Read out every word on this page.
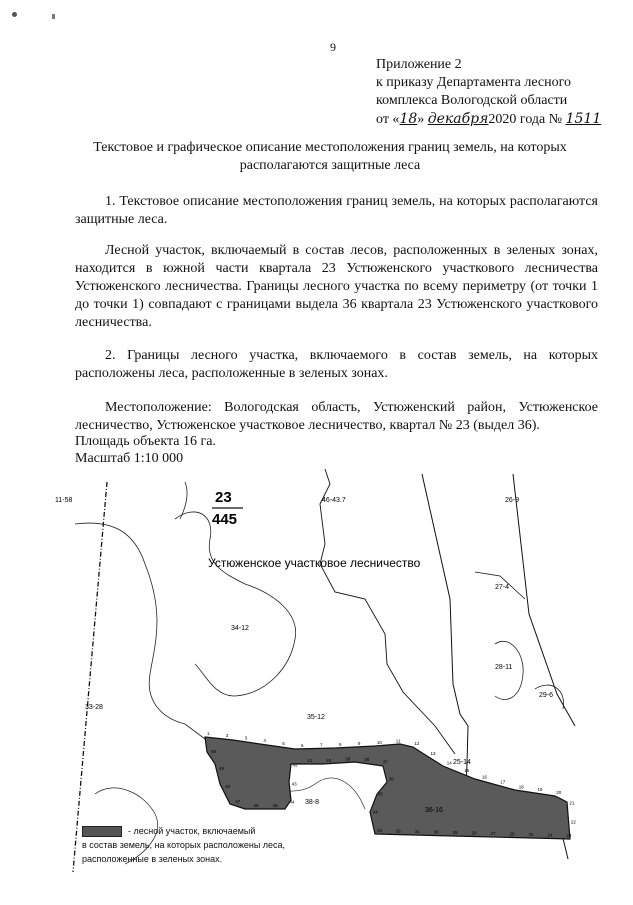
9
Приложение 2
к приказу Департамента лесного
комплекса Вологодской области
от «18» декабря2020 года № 1511
Текстовое и графическое описание местоположения границ земель, на которых располагаются защитные леса
1. Текстовое описание местоположения границ земель, на которых располагаются защитные леса.
Лесной участок, включаемый в состав лесов, расположенных в зеленых зонах, находится в южной части квартала 23 Устюженского участкового лесничества Устюженского лесничества. Границы лесного участка по всему периметру (от точки 1 до точки 1) совпадают с границами выдела 36 квартала 23 Устюженского участкового лесничества.
2. Границы лесного участка, включаемого в состав земель, на которых расположены леса, расположенные в зеленых зонах.
Местоположение: Вологодская область, Устюженский район, Устюженское лесничество, Устюженское участковое лесничество, квартал № 23 (выдел 36).
Площадь объекта 16 га.
Масштаб 1:10 000
23
445
Устюженское участковое лесничество
11-58	46-43.7	26-9
27-4
34-12
28-11
29-6
33-28
35-12
25-14
38-8
36-16
1	2	3
4
5	6	7	8	9	10	11	12
13
14
15
16
17
18
19
20
21
22
23
24
25
26
27
28
29
30
31
32
33
34
35
36
37
38
39
40
41
42
43
44
45
46
47
48
49
50
- лесной участок, включаемый
в состав земель, на которых расположены леса,
расположенные в зеленых зонах.
